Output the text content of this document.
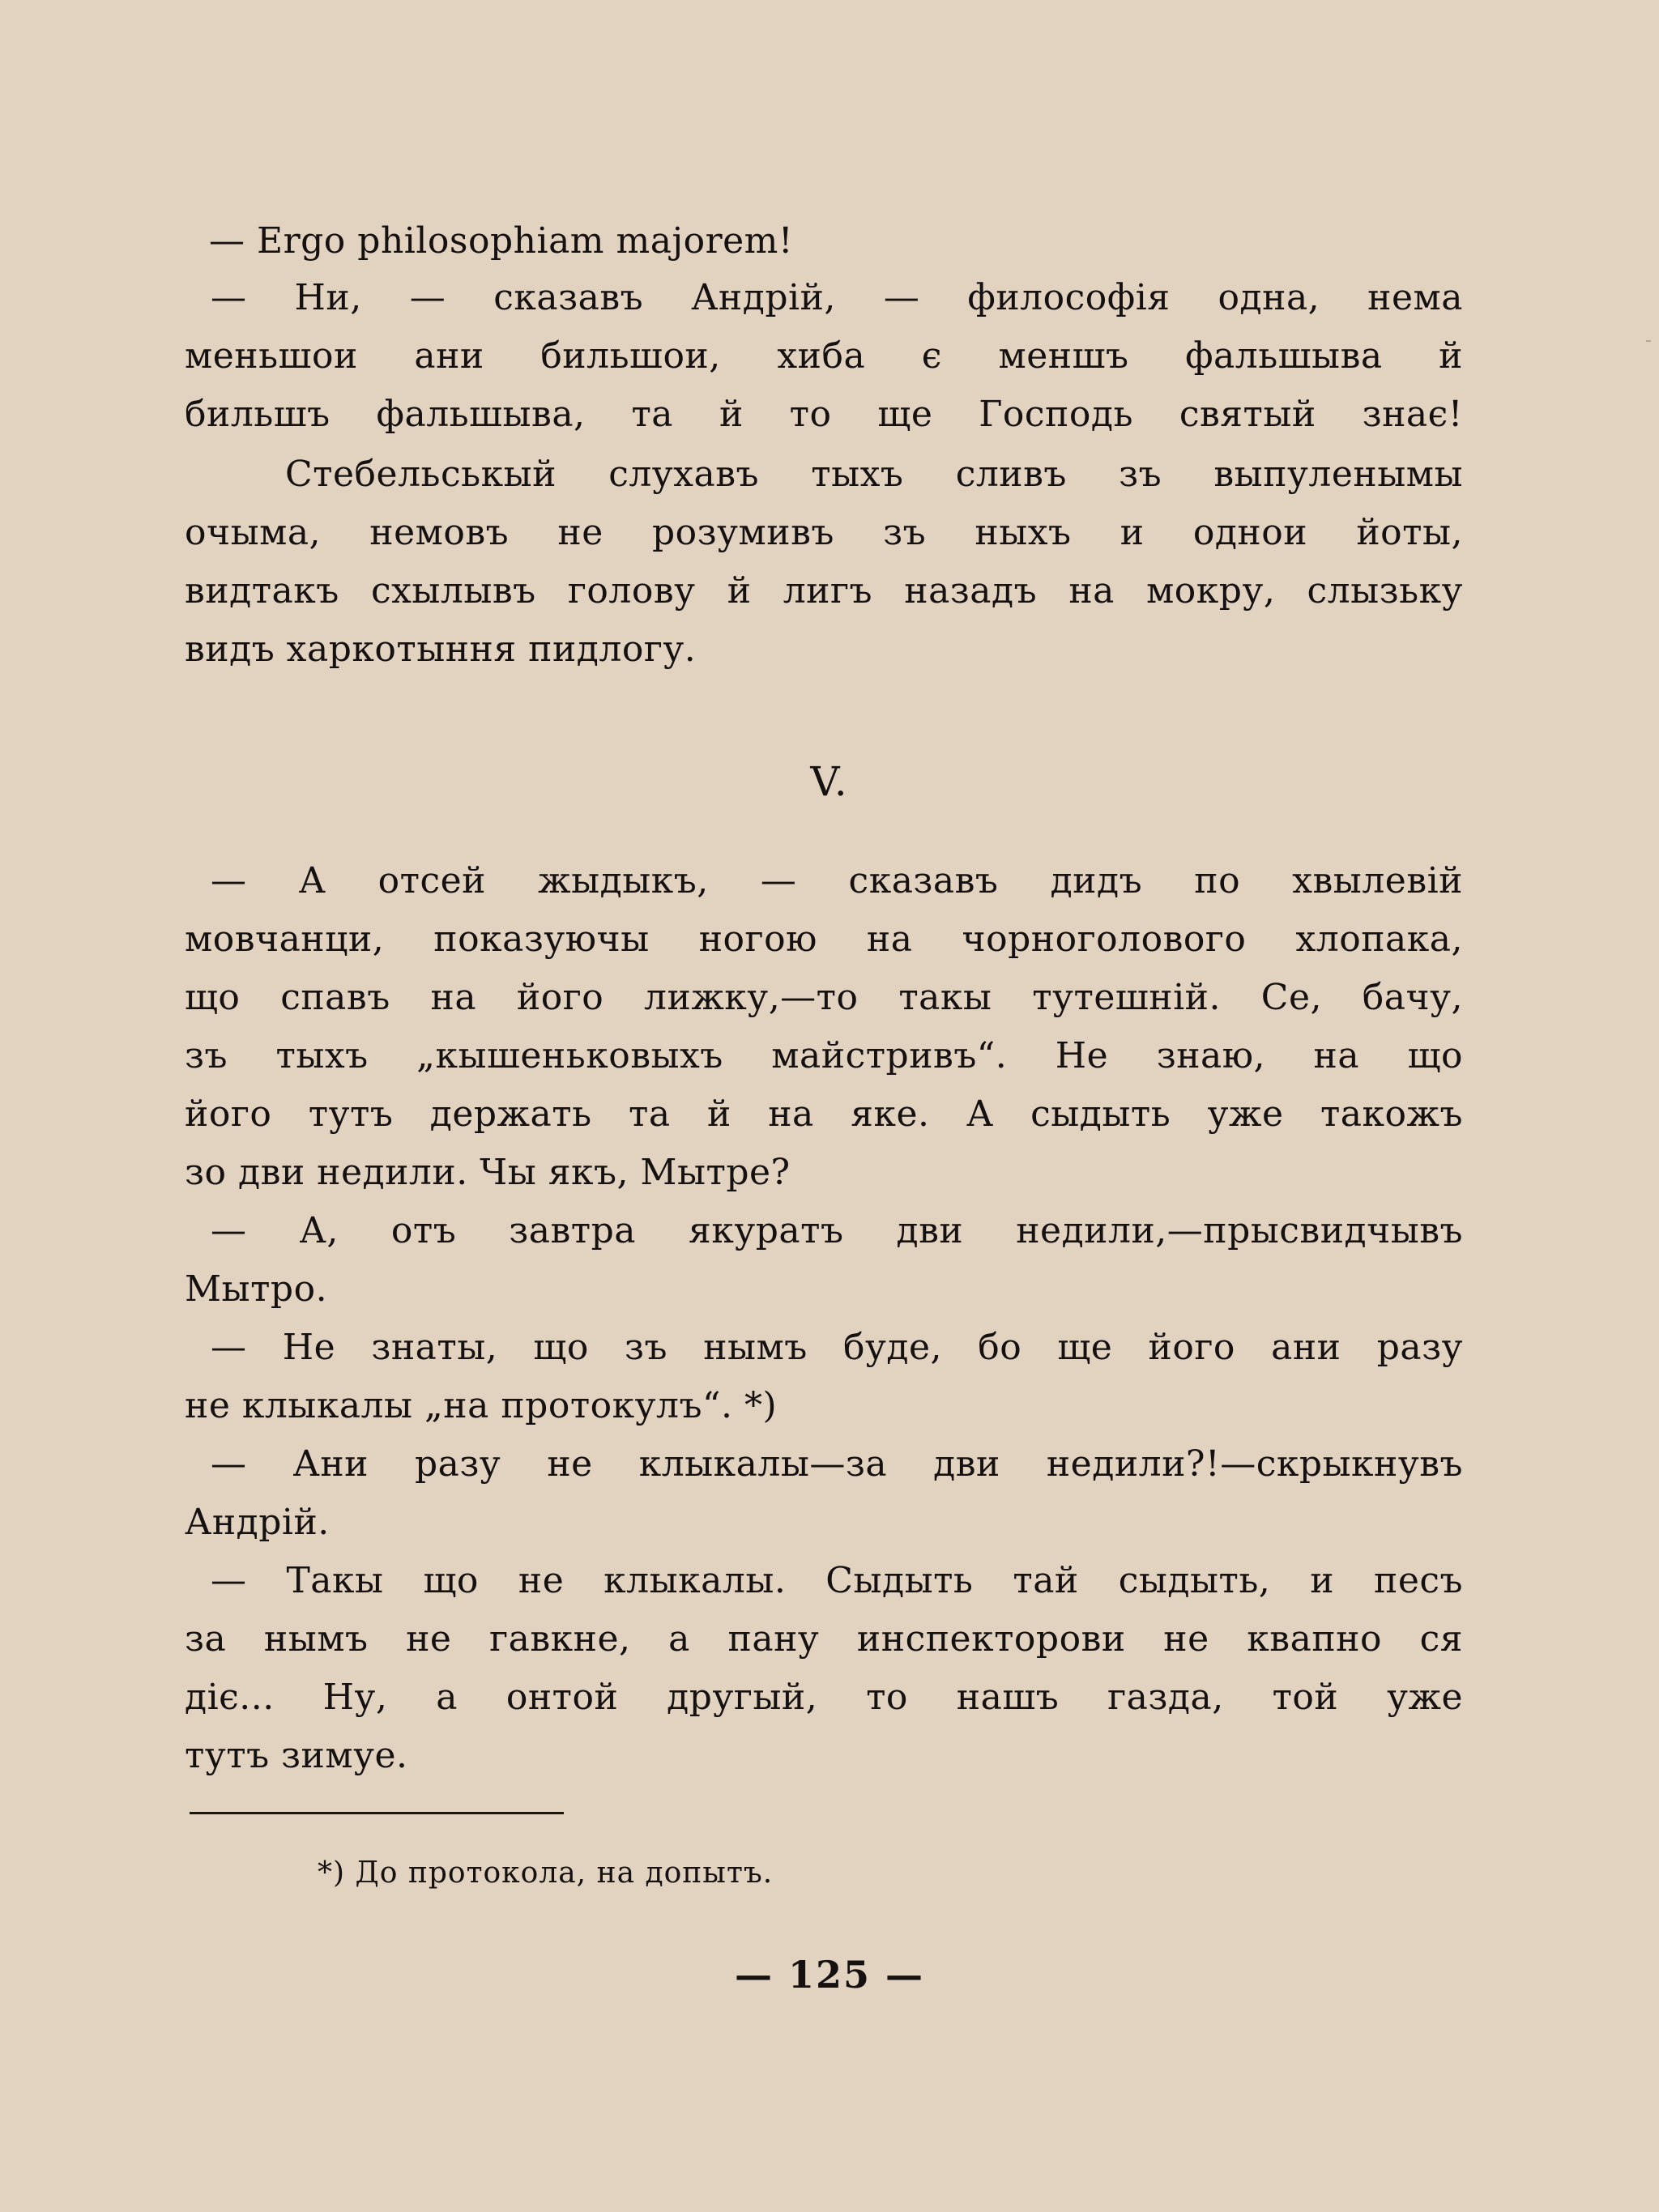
— Ergo philosophiam majorem!
— Ни, — сказавъ Андрій, — философія одна, нема
меньшои ани бильшои, хиба є меншъ фальшыва й
бильшъ фальшыва, та й то ще Господь святый знає!
Стебельськый слухавъ тыхъ сливъ зъ выпуленымы
очыма, немовъ не розумивъ зъ ныхъ и однои йоты,
видтакъ схылывъ голову й лигъ назадъ на мокру, слызьку
видъ харкотыння пидлогу.
V.
— А отсей жыдыкъ, — сказавъ дидъ по хвылевій
мовчанци, показуючы ногою на чорноголового хлопака,
що спавъ на його лижку,—то такы тутешній. Се, бачу,
зъ тыхъ „кышеньковыхъ майстривъ“. Не знаю, на що
його тутъ держать та й на яке. А сыдыть уже такожъ
зо дви недили. Чы якъ, Мытре?
— А, отъ завтра якуратъ дви недили,—прысвидчывъ
Мытро.
— Не знаты, що зъ нымъ буде, бо ще його ани разу
не клыкалы „на протокулъ“. *)
— Ани разу не клыкалы—за дви недили?!—скрыкнувъ
Андрій.
— Такы що не клыкалы. Сыдыть тай сыдыть, и песъ
за нымъ не гавкне, а пану инспекторови не квапно ся
діє... Ну, а онтой другый, то нашъ газда, той уже
тутъ зимуе.
*) До протокола, на допытъ.
— 125 —
